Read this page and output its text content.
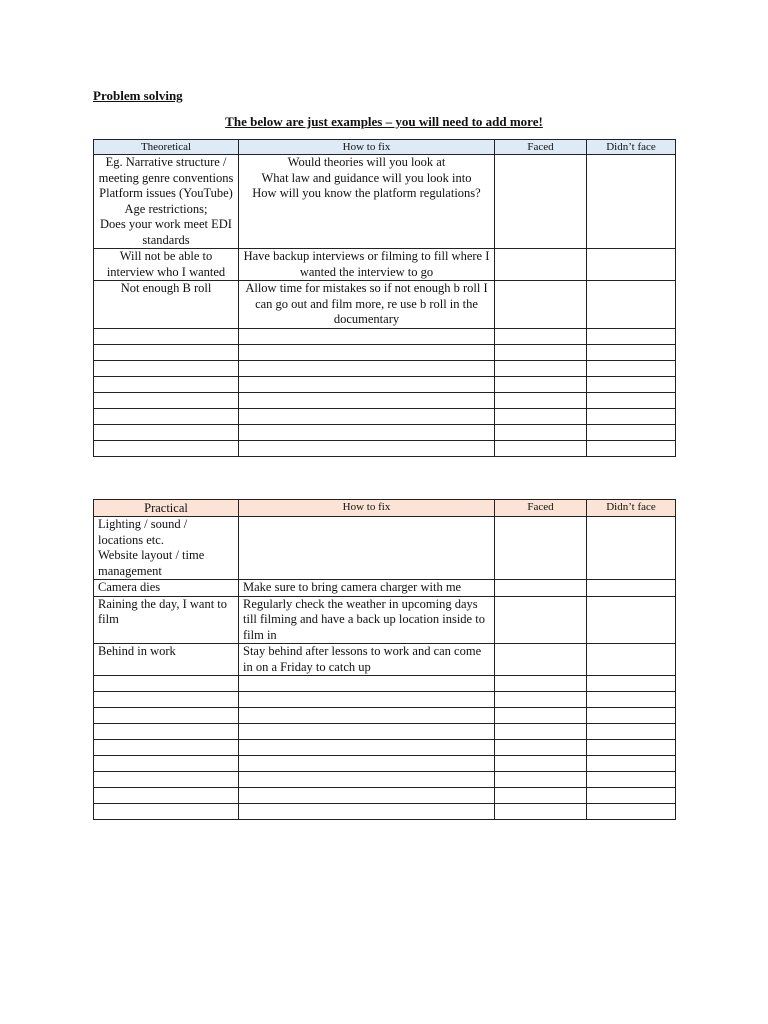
Problem solving

The below are just examples – you will need to add more!

Theoretical	How to fix	Faced	Didn’t face
Eg. Narrative structure / meeting genre conventions
Platform issues (YouTube)
Age restrictions;
Does your work meet EDI standards	Would theories will you look at
What law and guidance will you look into
How will you know the platform regulations?		
Will not be able to interview who I wanted	Have backup interviews or filming to fill where I wanted the interview to go		
Not enough B roll	Allow time for mistakes so if not enough b roll I can go out and film more, re use b roll in the documentary		

Practical	How to fix	Faced	Didn’t face
Lighting / sound / locations etc.
Website layout / time management			
Camera dies	Make sure to bring camera charger with me		
Raining the day, I want to film	Regularly check the weather in upcoming days till filming and have a back up location inside to film in		
Behind in work	Stay behind after lessons to work and can come in on a Friday to catch up		
